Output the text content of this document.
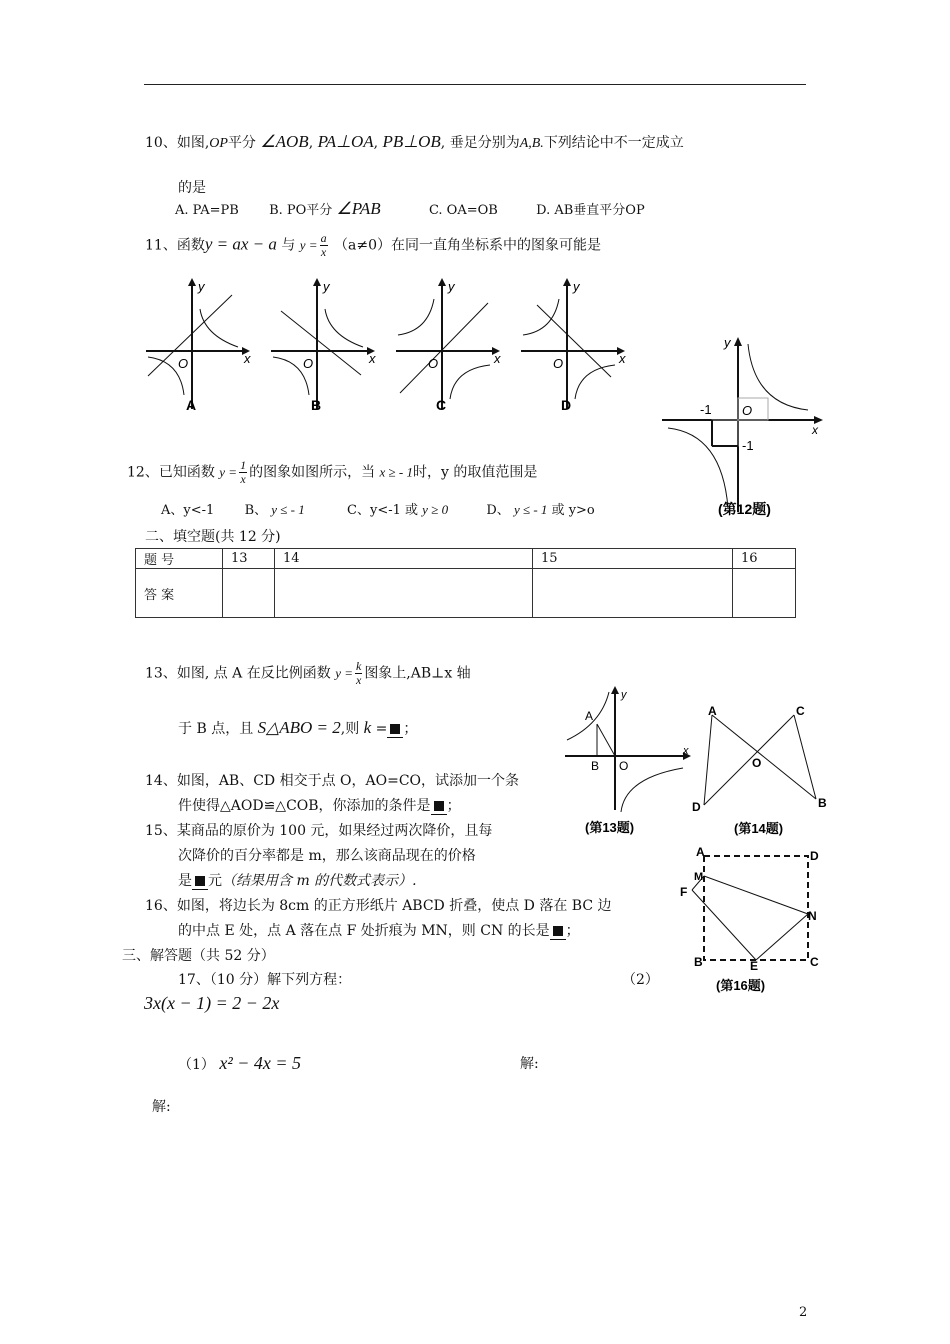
10、如图,OP平分 ∠AOB, PA⊥OA, PB⊥OB, 垂足分别为A,B.下列结论中不一定成立
的是
A. PA=PB B. PO平分 ∠PAB	C. OA=OB	D. AB垂直平分OP
11、函数y = ax − a 与 $y = \frac{a}{x} (a\ne 0)$在同一直角坐标系中的图象可能是
x
y
O
A
x
y
O
B
x
y
O
C
x
y
O
D
y
x
O
-1
-1
(第12题)
12、已知函数 $y = \frac{1}{x}$ 的图象如图所示，当 x ≥ - 1时，y 的取值范围是
A、y<-1 B、 y ≤ - 1	C、y<-1 或 y ≥ 0	D、 y ≤ - 1 或 y>o
二、填空题(共 12 分)
题 号	13	14	15	16
答 案				
13、如图, 点 A 在反比例函数 $y = \frac{k}{x}$ 图象上,AB⊥x 轴
于 B 点，且 S△ABO = 2,则 k = ；
y
x
A
B O
(第13题)
A	C
O
D	B
(第14题)
14、如图，AB、CD 相交于点 O，AO=CO，试添加一个条
件使得△AOD≌△COB，你添加的条件是 ；
15、某商品的原价为 100 元，如果经过两次降价，且每
次降价的百分率都是 m，那么该商品现在的价格
是 元（结果用含 m 的代数式表示）.
A	D
M
F
N
B	E	C
(第16题)
16、如图，将边长为 8cm 的正方形纸片 ABCD 折叠，使点 D 落在 BC 边
的中点 E 处，点 A 落在点 F 处折痕为 MN，则 CN 的长是 ；
三、解答题（共 52 分）
17、（10 分）解下列方程：	（2）
3x(x − 1) = 2 − 2x
（1） x² − 4x = 5	解:
解:
2
